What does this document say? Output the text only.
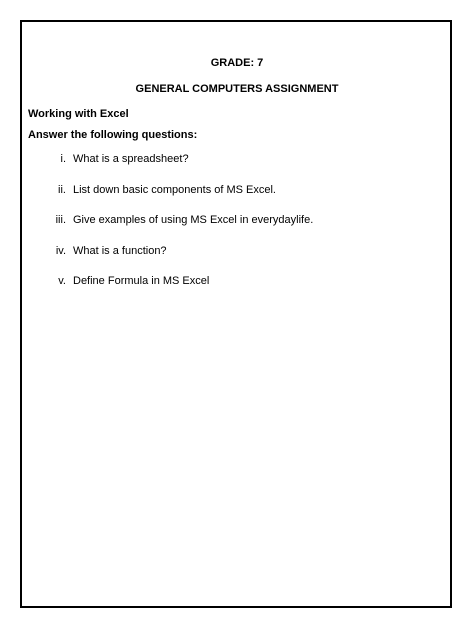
GRADE: 7
GENERAL COMPUTERS ASSIGNMENT
Working with Excel
Answer the following questions:
i. What is a spreadsheet?
ii. List down basic components of MS Excel.
iii. Give examples of using MS Excel in everydaylife.
iv. What is a function?
v. Define Formula in MS Excel
